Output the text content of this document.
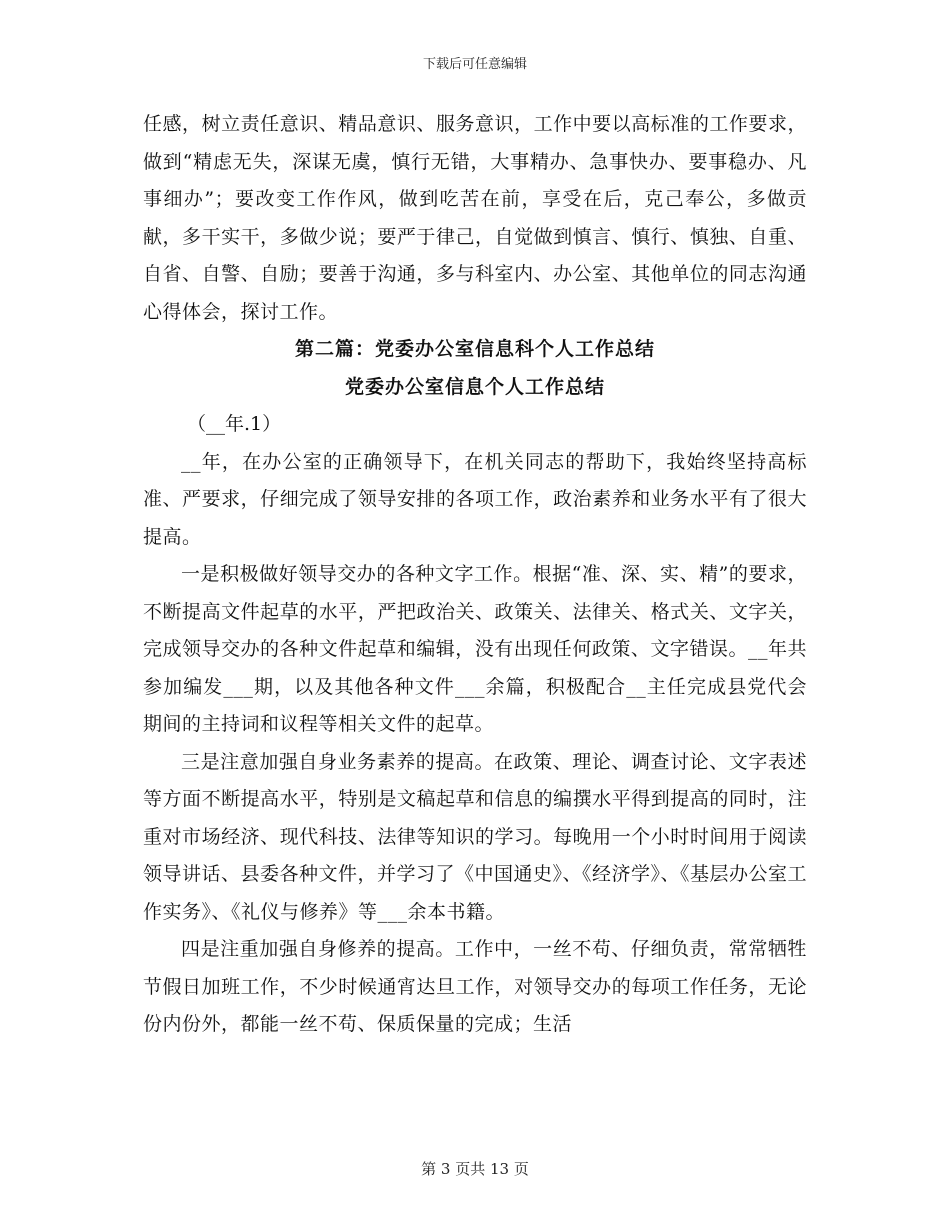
下载后可任意编辑

任感，树立责任意识、精品意识、服务意识，工作中要以高标准的工作要求，做到“精虑无失，深谋无虞，慎行无错，大事精办、急事快办、要事稳办、凡事细办”；要改变工作作风，做到吃苦在前，享受在后，克己奉公，多做贡献，多干实干，多做少说；要严于律己，自觉做到慎言、慎行、慎独、自重、自省、自警、自励；要善于沟通，多与科室内、办公室、其他单位的同志沟通心得体会，探讨工作。

第二篇：党委办公室信息科个人工作总结
党委办公室信息个人工作总结

（__年.1）

__年，在办公室的正确领导下，在机关同志的帮助下，我始终坚持高标准、严要求，仔细完成了领导安排的各项工作，政治素养和业务水平有了很大提高。

一是积极做好领导交办的各种文字工作。根据“准、深、实、精”的要求，不断提高文件起草的水平，严把政治关、政策关、法律关、格式关、文字关，完成领导交办的各种文件起草和编辑，没有出现任何政策、文字错误。__年共参加编发___期，以及其他各种文件___余篇，积极配合__主任完成县党代会期间的主持词和议程等相关文件的起草。

三是注意加强自身业务素养的提高。在政策、理论、调查讨论、文字表述等方面不断提高水平，特别是文稿起草和信息的编撰水平得到提高的同时，注重对市场经济、现代科技、法律等知识的学习。每晚用一个小时时间用于阅读领导讲话、县委各种文件，并学习了《中国通史》、《经济学》、《基层办公室工作实务》、《礼仪与修养》等___余本书籍。

四是注重加强自身修养的提高。工作中，一丝不苟、仔细负责，常常牺牲节假日加班工作，不少时候通宵达旦工作，对领导交办的每项工作任务，无论份内份外，都能一丝不苟、保质保量的完成；生活

第 3 页共 13 页
